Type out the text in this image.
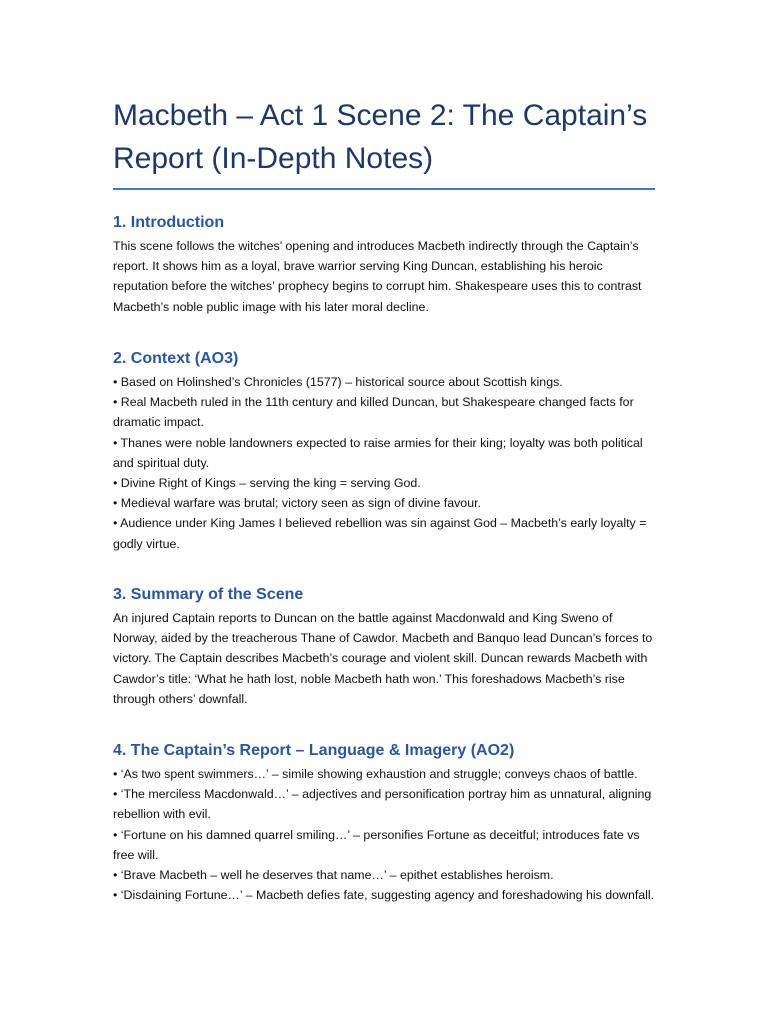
Macbeth – Act 1 Scene 2: The Captain’s Report (In-Depth Notes)
1. Introduction

This scene follows the witches’ opening and introduces Macbeth indirectly through the Captain’s report. It shows him as a loyal, brave warrior serving King Duncan, establishing his heroic reputation before the witches’ prophecy begins to corrupt him. Shakespeare uses this to contrast Macbeth’s noble public image with his later moral decline.

2. Context (AO3)

• Based on Holinshed’s Chronicles (1577) – historical source about Scottish kings.

• Real Macbeth ruled in the 11th century and killed Duncan, but Shakespeare changed facts for dramatic impact.

• Thanes were noble landowners expected to raise armies for their king; loyalty was both political and spiritual duty.

• Divine Right of Kings – serving the king = serving God.

• Medieval warfare was brutal; victory seen as sign of divine favour.

• Audience under King James I believed rebellion was sin against God – Macbeth’s early loyalty = godly virtue.

3. Summary of the Scene

An injured Captain reports to Duncan on the battle against Macdonwald and King Sweno of Norway, aided by the treacherous Thane of Cawdor. Macbeth and Banquo lead Duncan’s forces to victory. The Captain describes Macbeth’s courage and violent skill. Duncan rewards Macbeth with Cawdor’s title: ‘What he hath lost, noble Macbeth hath won.’ This foreshadows Macbeth’s rise through others’ downfall.

4. The Captain’s Report – Language & Imagery (AO2)

• ‘As two spent swimmers…’ – simile showing exhaustion and struggle; conveys chaos of battle.

• ‘The merciless Macdonwald…’ – adjectives and personification portray him as unnatural, aligning rebellion with evil.

• ‘Fortune on his damned quarrel smiling…’ – personifies Fortune as deceitful; introduces fate vs free will.

• ‘Brave Macbeth – well he deserves that name…’ – epithet establishes heroism.

• ‘Disdaining Fortune…’ – Macbeth defies fate, suggesting agency and foreshadowing his downfall.
